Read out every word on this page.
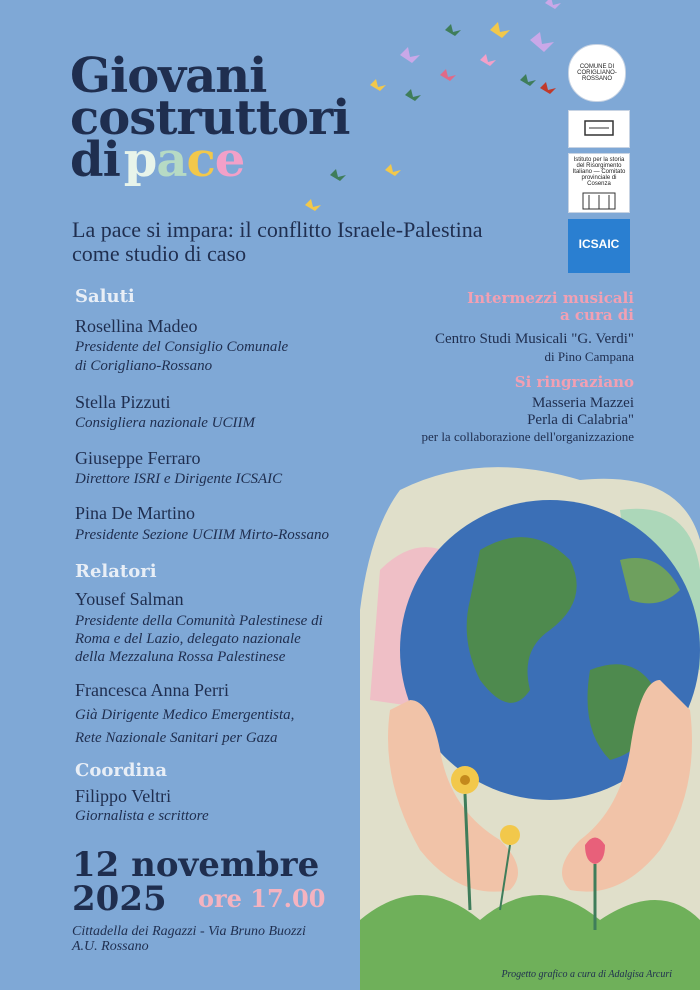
Giovani
costruttori
dipace
La pace si impara: il conflitto Israele-Palestina come studio di caso
COMUNE DI CORIGLIANO-ROSSANO
Istituto per la storia del Risorgimento Italiano — Comitato provinciale di Cosenza
ICSAIC
Saluti
Rosellina Madeo
Presidente del Consiglio Comunale
di Corigliano-Rossano
Stella Pizzuti
Consigliera nazionale UCIIM
Giuseppe Ferraro
Direttore ISRI e Dirigente ICSAIC
Pina De Martino
Presidente Sezione UCIIM Mirto-Rossano
Relatori
Yousef Salman
Presidente della Comunità Palestinese di
Roma e del Lazio, delegato nazionale
della Mezzaluna Rossa Palestinese
Francesca Anna Perri
Già Dirigente Medico Emergentista,
Rete Nazionale Sanitari per Gaza
Coordina
Filippo Veltri
Giornalista e scrittore
Intermezzi musicali
a cura di
Centro Studi Musicali "G. Verdi"
di Pino Campana
Si ringraziano
Masseria Mazzei
Perla di Calabria"
per la collaborazione dell'organizzazione
12 novembre
2025	ore 17.00
Cittadella dei Ragazzi - Via Bruno Buozzi
A.U. Rossano
Progetto grafico a cura di Adalgisa Arcuri
